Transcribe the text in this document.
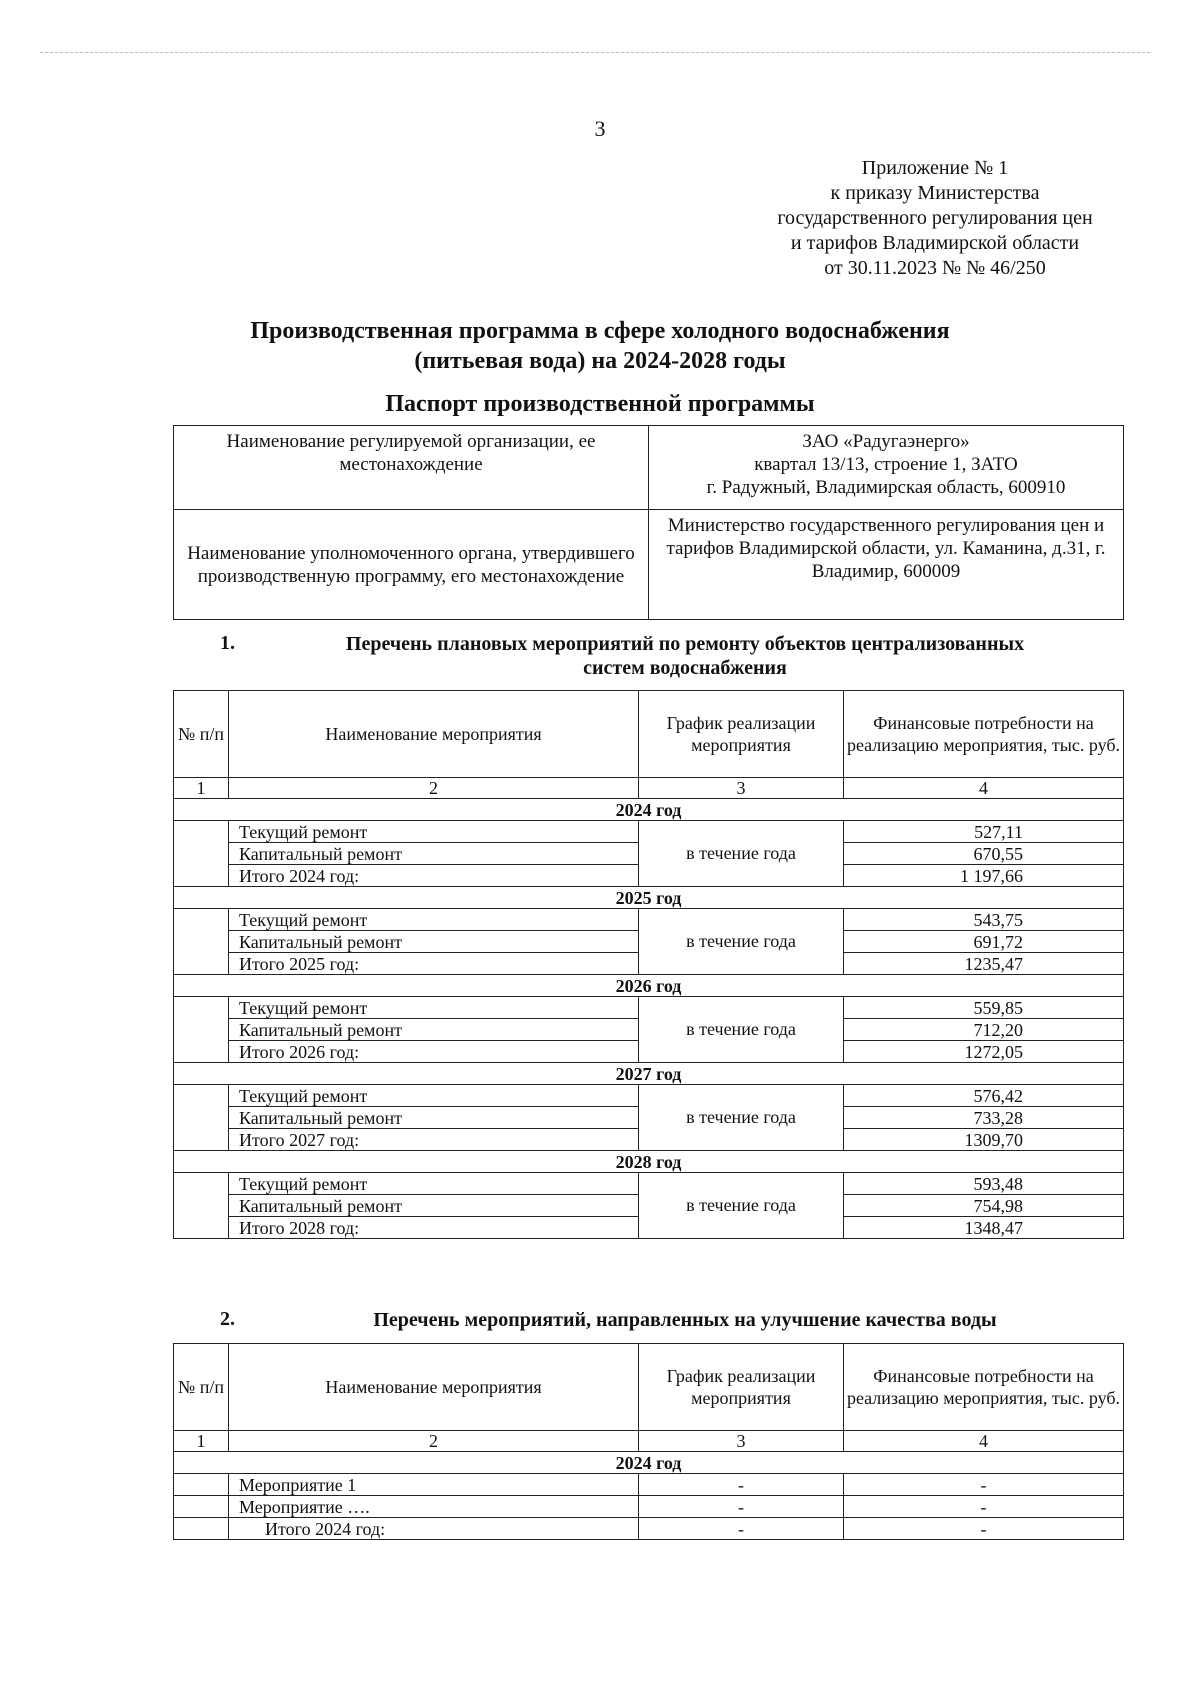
3
Приложение № 1
к приказу Министерства
государственного регулирования цен
и тарифов Владимирской области
от 30.11.2023 № № 46/250
Производственная программа в сфере холодного водоснабжения
(питьевая вода) на 2024-2028 годы
Паспорт производственной программы
Наименование регулируемой организации, ее местонахождение	ЗАО «Радугаэнерго»
квартал 13/13, строение 1, ЗАТО
г. Радужный, Владимирская область, 600910

Наименование уполномоченного органа, утвердившего производственную программу, его местонахождение	Министерство государственного регулирования цен и тарифов Владимирской области, ул. Каманина, д.31, г. Владимир, 600009
1.	Перечень плановых мероприятий по ремонту объектов централизованных
систем водоснабжения
№ п/п	Наименование мероприятия	График реализации мероприятия	Финансовые потребности на реализацию мероприятия, тыс. руб.
1	2	3	4
2024 год			
	Текущий ремонт	в течение года	527,11
	Капитальный ремонт		670,55
	Итого 2024 год:		1 197,66
2025 год			
	Текущий ремонт	в течение года	543,75
	Капитальный ремонт		691,72
	Итого 2025 год:		1235,47
2026 год			
	Текущий ремонт	в течение года	559,85
	Капитальный ремонт		712,20
	Итого 2026 год:		1272,05
2027 год			
	Текущий ремонт	в течение года	576,42
	Капитальный ремонт		733,28
	Итого 2027 год:		1309,70
2028 год			
	Текущий ремонт	в течение года	593,48
	Капитальный ремонт		754,98
	Итого 2028 год:		1348,47
2.	Перечень мероприятий, направленных на улучшение качества воды
№ п/п	Наименование мероприятия	График реализации мероприятия	Финансовые потребности на реализацию мероприятия, тыс. руб.
1	2	3	4
2024 год			
	Мероприятие 1	-	-
	Мероприятие ….	-	-
	Итого 2024 год:	-	-
